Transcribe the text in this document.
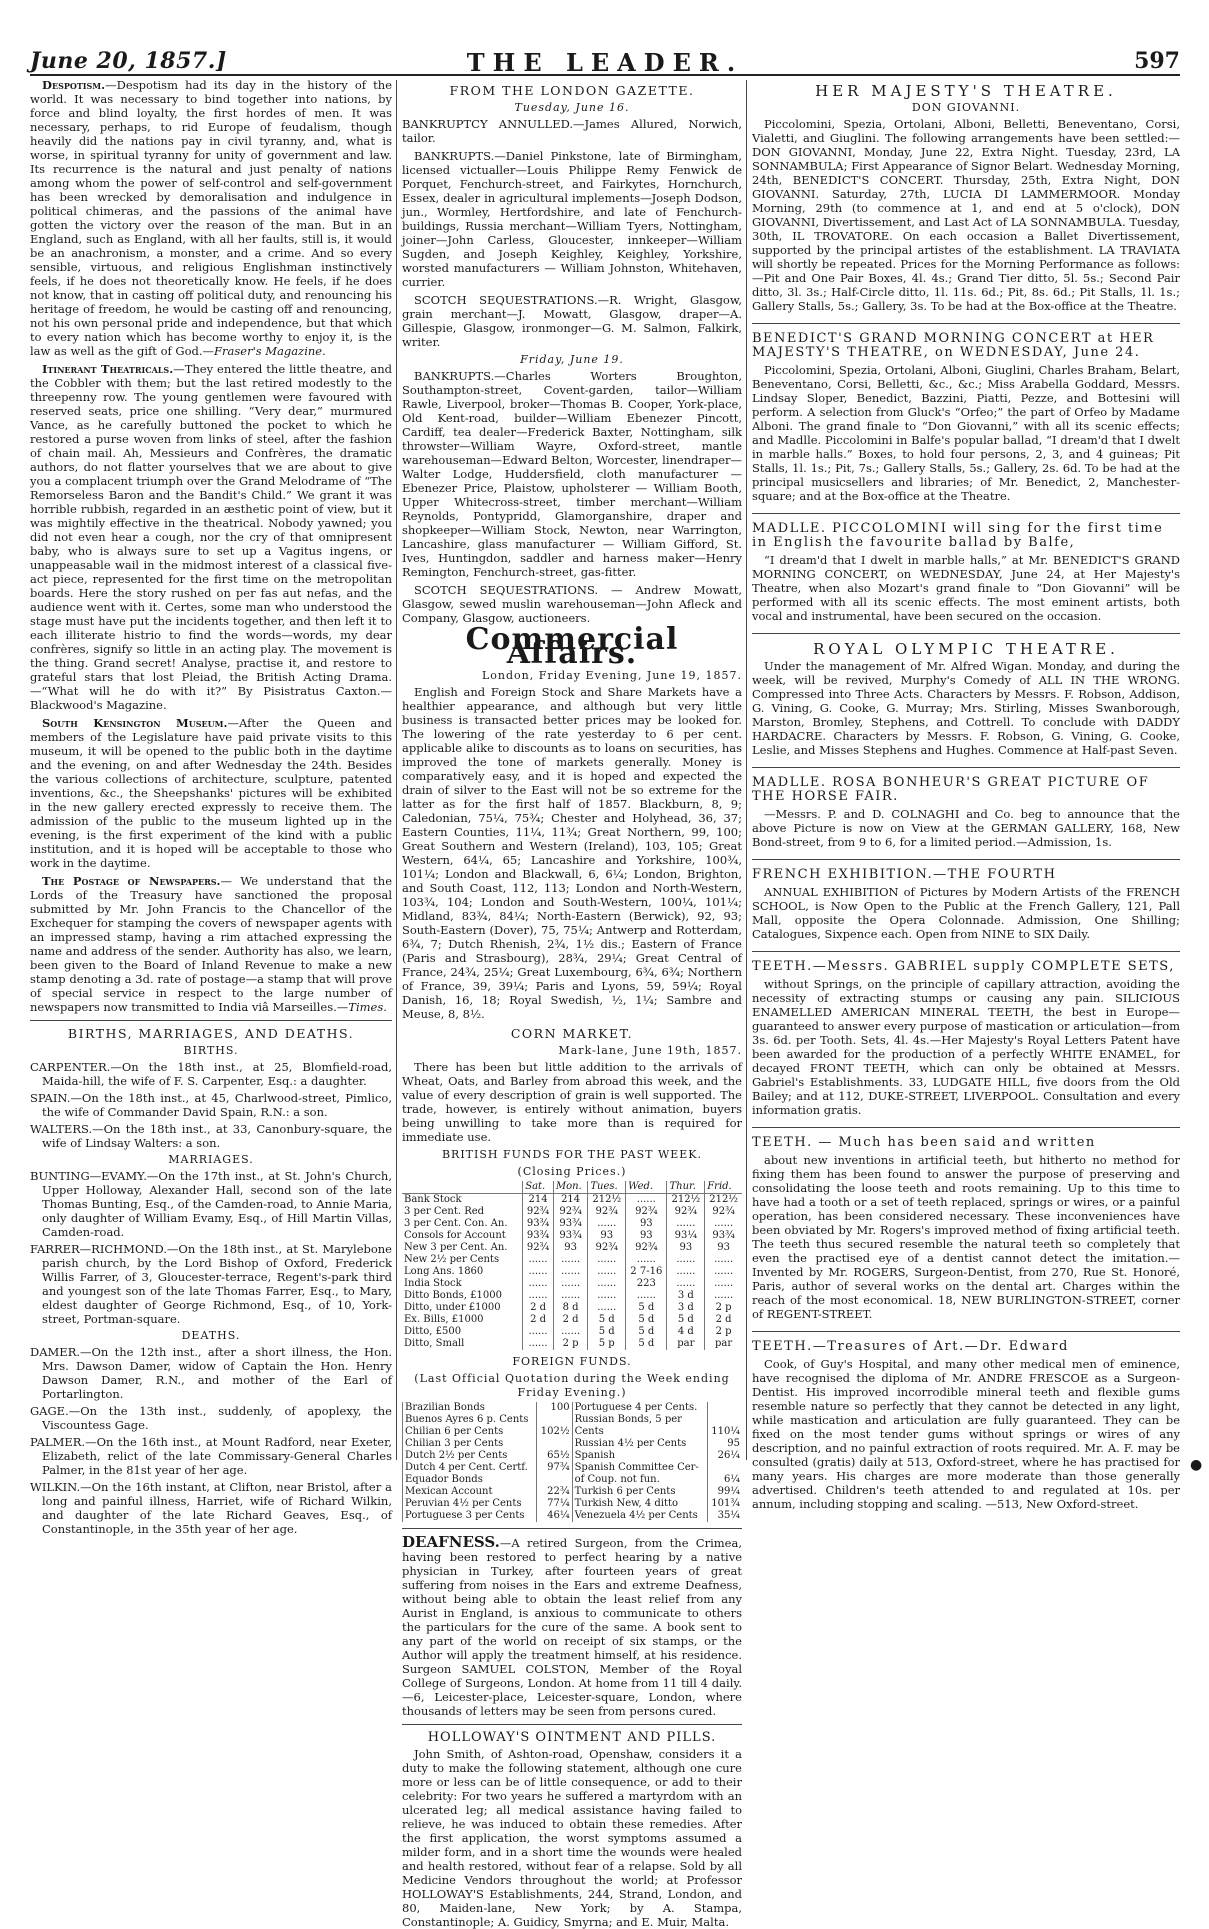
June 20, 1857.]	THE LEADER.	597

Despotism.—Despotism had its day in the history of the world. It was necessary to bind together into nations, by force and blind loyalty, the first hordes of men. It was necessary, perhaps, to rid Europe of feudalism, though heavily did the nations pay in civil tyranny, and, what is worse, in spiritual tyranny for unity of government and law. Its recurrence is the natural and just penalty of nations among whom the power of self-control and self-government has been wrecked by demoralisation and indulgence in political chimeras, and the passions of the animal have gotten the victory over the reason of the man. But in an England, such as England, with all her faults, still is, it would be an anachronism, a monster, and a crime. And so every sensible, virtuous, and religious Englishman instinctively feels, if he does not theoretically know. He feels, if he does not know, that in casting off political duty, and renouncing his heritage of freedom, he would be casting off and renouncing, not his own personal pride and independence, but that which to every nation which has become worthy to enjoy it, is the law as well as the gift of God.—Fraser's Magazine.

Itinerant Theatricals.—They entered the little theatre, and the Cobbler with them; but the last retired modestly to the threepenny row. The young gentlemen were favoured with reserved seats, price one shilling. “Very dear,” murmured Vance, as he carefully buttoned the pocket to which he restored a purse woven from links of steel, after the fashion of chain mail. Ah, Messieurs and Confrères, the dramatic authors, do not flatter yourselves that we are about to give you a complacent triumph over the Grand Melodrame of “The Remorseless Baron and the Bandit's Child.” We grant it was horrible rubbish, regarded in an æsthetic point of view, but it was mightily effective in the theatrical. Nobody yawned; you did not even hear a cough, nor the cry of that omnipresent baby, who is always sure to set up a Vagitus ingens, or unappeasable wail in the midmost interest of a classical five-act piece, represented for the first time on the metropolitan boards. Here the story rushed on per fas aut nefas, and the audience went with it. Certes, some man who understood the stage must have put the incidents together, and then left it to each illiterate histrio to find the words—words, my dear confrères, signify so little in an acting play. The movement is the thing. Grand secret! Analyse, practise it, and restore to grateful stars that lost Pleiad, the British Acting Drama.—“What will he do with it?” By Pisistratus Caxton.—Blackwood's Magazine.

South Kensington Museum.—After the Queen and members of the Legislature have paid private visits to this museum, it will be opened to the public both in the daytime and the evening, on and after Wednesday the 24th. Besides the various collections of architecture, sculpture, patented inventions, &c., the Sheepshanks' pictures will be exhibited in the new gallery erected expressly to receive them. The admission of the public to the museum lighted up in the evening, is the first experiment of the kind with a public institution, and it is hoped will be acceptable to those who work in the daytime.

The Postage of Newspapers.— We understand that the Lords of the Treasury have sanctioned the proposal submitted by Mr. John Francis to the Chancellor of the Exchequer for stamping the covers of newspaper agents with an impressed stamp, having a rim attached expressing the name and address of the sender. Authority has also, we learn, been given to the Board of Inland Revenue to make a new stamp denoting a 3d. rate of postage—a stamp that will prove of special service in respect to the large number of newspapers now transmitted to India viâ Marseilles.—Times.

BIRTHS, MARRIAGES, AND DEATHS.
BIRTHS.
CARPENTER.—On the 18th inst., at 25, Blomfield-road, Maida-hill, the wife of F. S. Carpenter, Esq.: a daughter.
SPAIN.—On the 18th inst., at 45, Charlwood-street, Pimlico, the wife of Commander David Spain, R.N.: a son.
WALTERS.—On the 18th inst., at 33, Canonbury-square, the wife of Lindsay Walters: a son.
MARRIAGES.
BUNTING—EVAMY.—On the 17th inst., at St. John's Church, Upper Holloway, Alexander Hall, second son of the late Thomas Bunting, Esq., of the Camden-road, to Annie Maria, only daughter of William Evamy, Esq., of Hill Martin Villas, Camden-road.
FARRER—RICHMOND.—On the 18th inst., at St. Marylebone parish church, by the Lord Bishop of Oxford, Frederick Willis Farrer, of 3, Gloucester-terrace, Regent's-park third and youngest son of the late Thomas Farrer, Esq., to Mary, eldest daughter of George Richmond, Esq., of 10, York-street, Portman-square.
DEATHS.
DAMER.—On the 12th inst., after a short illness, the Hon. Mrs. Dawson Damer, widow of Captain the Hon. Henry Dawson Damer, R.N., and mother of the Earl of Portarlington.
GAGE.—On the 13th inst., suddenly, of apoplexy, the Viscountess Gage.
PALMER.—On the 16th inst., at Mount Radford, near Exeter, Elizabeth, relict of the late Commissary-General Charles Palmer, in the 81st year of her age.
WILKIN.—On the 16th instant, at Clifton, near Bristol, after a long and painful illness, Harriet, wife of Richard Wilkin, and daughter of the late Richard Geaves, Esq., of Constantinople, in the 35th year of her age.
FROM THE LONDON GAZETTE.
Tuesday, June 16.

BANKRUPTCY ANNULLED.—James Allured, Norwich, tailor.

BANKRUPTS.—Daniel Pinkstone, late of Birmingham, licensed victualler—Louis Philippe Remy Fenwick de Porquet, Fenchurch-street, and Fairkytes, Hornchurch, Essex, dealer in agricultural implements—Joseph Dodson, jun., Wormley, Hertfordshire, and late of Fenchurch-buildings, Russia merchant—William Tyers, Nottingham, joiner—John Carless, Gloucester, innkeeper—William Sugden, and Joseph Keighley, Keighley, Yorkshire, worsted manufacturers — William Johnston, Whitehaven, currier.

SCOTCH SEQUESTRATIONS.—R. Wright, Glasgow, grain merchant—J. Mowatt, Glasgow, draper—A. Gillespie, Glasgow, ironmonger—G. M. Salmon, Falkirk, writer.

Friday, June 19.

BANKRUPTS.—Charles Worters Broughton, Southampton-street, Covent-garden, tailor—William Rawle, Liverpool, broker—Thomas B. Cooper, York-place, Old Kent-road, builder—William Ebenezer Pincott, Cardiff, tea dealer—Frederick Baxter, Nottingham, silk throwster—William Wayre, Oxford-street, mantle warehouseman—Edward Belton, Worcester, linendraper—Walter Lodge, Huddersfield, cloth manufacturer — Ebenezer Price, Plaistow, upholsterer — William Booth, Upper Whitecross-street, timber merchant—William Reynolds, Pontypridd, Glamorganshire, draper and shopkeeper—William Stock, Newton, near Warrington, Lancashire, glass manufacturer — William Gifford, St. Ives, Huntingdon, saddler and harness maker—Henry Remington, Fenchurch-street, gas-fitter.

SCOTCH SEQUESTRATIONS. — Andrew Mowatt, Glasgow, sewed muslin warehouseman—John Afleck and Company, Glasgow, auctioneers.

Commercial Affairs.
London, Friday Evening, June 19, 1857.

English and Foreign Stock and Share Markets have a healthier appearance, and although but very little business is transacted better prices may be looked for. The lowering of the rate yesterday to 6 per cent. applicable alike to discounts as to loans on securities, has improved the tone of markets generally. Money is comparatively easy, and it is hoped and expected the drain of silver to the East will not be so extreme for the latter as for the first half of 1857. Blackburn, 8, 9; Caledonian, 75¼, 75¾; Chester and Holyhead, 36, 37; Eastern Counties, 11¼, 11¾; Great Northern, 99, 100; Great Southern and Western (Ireland), 103, 105; Great Western, 64¼, 65; Lancashire and Yorkshire, 100¾, 101¼; London and Blackwall, 6, 6¼; London, Brighton, and South Coast, 112, 113; London and North-Western, 103¾, 104; London and South-Western, 100¼, 101¼; Midland, 83¾, 84¼; North-Eastern (Berwick), 92, 93; South-Eastern (Dover), 75, 75¼; Antwerp and Rotterdam, 6¾, 7; Dutch Rhenish, 2¾, 1½ dis.; Eastern of France (Paris and Strasbourg), 28¾, 29¼; Great Central of France, 24¾, 25¼; Great Luxembourg, 6¾, 6¾; Northern of France, 39, 39¼; Paris and Lyons, 59, 59¼; Royal Danish, 16, 18; Royal Swedish, ½, 1¼; Sambre and Meuse, 8, 8½.

CORN MARKET.
Mark-lane, June 19th, 1857.

There has been but little addition to the arrivals of Wheat, Oats, and Barley from abroad this week, and the value of every description of grain is well supported. The trade, however, is entirely without animation, buyers being unwilling to take more than is required for immediate use.

BRITISH FUNDS FOR THE PAST WEEK.
(Closing Prices.)
	Sat.	Mon.	Tues.	Wed.	Thur.	Frid.
Bank Stock	214	214	212½	......	212½	212½
3 per Cent. Red	92¾	92¾	92¾	92¾	92¾	92¾
3 per Cent. Con. An.	93¾	93¾	......	93	......	......
Consols for Account	93¾	93¾	93	93	93¼	93¾
New 3 per Cent. An.	92¾	93	92¾	92¾	93	93
New 2½ per Cents	......	......	......	......	......	......
Long Ans. 1860	......	......	......	2 7-16	......	......
India Stock	......	......	......	223	......	......
Ditto Bonds, £1000	......	......	......	......	3 d	......
Ditto, under £1000	2 d	8 d	......	5 d	3 d	2 p
Ex. Bills, £1000	2 d	2 d	5 d	5 d	5 d	2 d
Ditto, £500	......	......	5 d	5 d	4 d	2 p
Ditto, Small	......	2 p	5 p	5 d	par	par
FOREIGN FUNDS.
(Last Official Quotation during the Week ending Friday Evening.)
Brazilian Bonds	100	Portuguese 4 per Cents.	
Buenos Ayres 6 p. Cents		Russian Bonds, 5 per	
Chilian 6 per Cents	102½	Cents	110¼
Chilian 3 per Cents		Russian 4½ per Cents	95
Dutch 2½ per Cents	65½	Spanish	26¼
Dutch 4 per Cent. Certf.	97¾	Spanish Committee Cer-	
Equador Bonds		of Coup. not fun.	6¼
Mexican Account	22¾	Turkish 6 per Cents	99¼
Peruvian 4½ per Cents	77¼	Turkish New, 4 ditto	101¾
Portuguese 3 per Cents	46¼	Venezuela 4½ per Cents	35¼

DEAFNESS.—A retired Surgeon, from the Crimea, having been restored to perfect hearing by a native physician in Turkey, after fourteen years of great suffering from noises in the Ears and extreme Deafness, without being able to obtain the least relief from any Aurist in England, is anxious to communicate to others the particulars for the cure of the same. A book sent to any part of the world on receipt of six stamps, or the Author will apply the treatment himself, at his residence. Surgeon SAMUEL COLSTON, Member of the Royal College of Surgeons, London. At home from 11 till 4 daily.—6, Leicester-place, Leicester-square, London, where thousands of letters may be seen from persons cured.

HOLLOWAY'S OINTMENT AND PILLS.

John Smith, of Ashton-road, Openshaw, considers it a duty to make the following statement, although one cure more or less can be of little consequence, or add to their celebrity: For two years he suffered a martyrdom with an ulcerated leg; all medical assistance having failed to relieve, he was induced to obtain these remedies. After the first application, the worst symptoms assumed a milder form, and in a short time the wounds were healed and health restored, without fear of a relapse. Sold by all Medicine Vendors throughout the world; at Professor HOLLOWAY'S Establishments, 244, Strand, London, and 80, Maiden-lane, New York; by A. Stampa, Constantinople; A. Guidicy, Smyrna; and E. Muir, Malta.

HER MAJESTY'S THEATRE.
DON GIOVANNI.

Piccolomini, Spezia, Ortolani, Alboni, Belletti, Beneventano, Corsi, Vialetti, and Giuglini. The following arrangements have been settled:— DON GIOVANNI, Monday, June 22, Extra Night. Tuesday, 23rd, LA SONNAMBULA; First Appearance of Signor Belart. Wednesday Morning, 24th, BENEDICT'S CONCERT. Thursday, 25th, Extra Night, DON GIOVANNI. Saturday, 27th, LUCIA DI LAMMERMOOR. Monday Morning, 29th (to commence at 1, and end at 5 o'clock), DON GIOVANNI, Divertissement, and Last Act of LA SONNAMBULA. Tuesday, 30th, IL TROVATORE. On each occasion a Ballet Divertissement, supported by the principal artistes of the establishment. LA TRAVIATA will shortly be repeated. Prices for the Morning Performance as follows:—Pit and One Pair Boxes, 4l. 4s.; Grand Tier ditto, 5l. 5s.; Second Pair ditto, 3l. 3s.; Half-Circle ditto, 1l. 11s. 6d.; Pit, 8s. 6d.; Pit Stalls, 1l. 1s.; Gallery Stalls, 5s.; Gallery, 3s. To be had at the Box-office at the Theatre.

BENEDICT'S GRAND MORNING CONCERT at HER MAJESTY'S THEATRE, on WEDNESDAY, June 24.

Piccolomini, Spezia, Ortolani, Alboni, Giuglini, Charles Braham, Belart, Beneventano, Corsi, Belletti, &c., &c.; Miss Arabella Goddard, Messrs. Lindsay Sloper, Benedict, Bazzini, Piatti, Pezze, and Bottesini will perform. A selection from Gluck's “Orfeo;” the part of Orfeo by Madame Alboni. The grand finale to “Don Giovanni,” with all its scenic effects; and Madlle. Piccolomini in Balfe's popular ballad, “I dream'd that I dwelt in marble halls.” Boxes, to hold four persons, 2, 3, and 4 guineas; Pit Stalls, 1l. 1s.; Pit, 7s.; Gallery Stalls, 5s.; Gallery, 2s. 6d. To be had at the principal musicsellers and libraries; of Mr. Benedict, 2, Manchester-square; and at the Box-office at the Theatre.

MADLLE. PICCOLOMINI will sing for the first time in English the favourite ballad by Balfe,

“I dream'd that I dwelt in marble halls,” at Mr. BENEDICT'S GRAND MORNING CONCERT, on WEDNESDAY, June 24, at Her Majesty's Theatre, when also Mozart's grand finale to “Don Giovanni” will be performed with all its scenic effects. The most eminent artists, both vocal and instrumental, have been secured on the occasion.

ROYAL OLYMPIC THEATRE.

Under the management of Mr. Alfred Wigan. Monday, and during the week, will be revived, Murphy's Comedy of ALL IN THE WRONG. Compressed into Three Acts. Characters by Messrs. F. Robson, Addison, G. Vining, G. Cooke, G. Murray; Mrs. Stirling, Misses Swanborough, Marston, Bromley, Stephens, and Cottrell. To conclude with DADDY HARDACRE. Characters by Messrs. F. Robson, G. Vining, G. Cooke, Leslie, and Misses Stephens and Hughes. Commence at Half-past Seven.

MADLLE. ROSA BONHEUR'S GREAT PICTURE OF THE HORSE FAIR.

—Messrs. P. and D. COLNAGHI and Co. beg to announce that the above Picture is now on View at the GERMAN GALLERY, 168, New Bond-street, from 9 to 6, for a limited period.—Admission, 1s.

FRENCH EXHIBITION.—THE FOURTH

ANNUAL EXHIBITION of Pictures by Modern Artists of the FRENCH SCHOOL, is Now Open to the Public at the French Gallery, 121, Pall Mall, opposite the Opera Colonnade. Admission, One Shilling; Catalogues, Sixpence each. Open from NINE to SIX Daily.

TEETH.—Messrs. GABRIEL supply COMPLETE SETS,

without Springs, on the principle of capillary attraction, avoiding the necessity of extracting stumps or causing any pain. SILICIOUS ENAMELLED AMERICAN MINERAL TEETH, the best in Europe—guaranteed to answer every purpose of mastication or articulation—from 3s. 6d. per Tooth. Sets, 4l. 4s.—Her Majesty's Royal Letters Patent have been awarded for the production of a perfectly WHITE ENAMEL, for decayed FRONT TEETH, which can only be obtained at Messrs. Gabriel's Establishments. 33, LUDGATE HILL, five doors from the Old Bailey; and at 112, DUKE-STREET, LIVERPOOL. Consultation and every information gratis.

TEETH. — Much has been said and written

about new inventions in artificial teeth, but hitherto no method for fixing them has been found to answer the purpose of preserving and consolidating the loose teeth and roots remaining. Up to this time to have had a tooth or a set of teeth replaced, springs or wires, or a painful operation, has been considered necessary. These inconveniences have been obviated by Mr. Rogers's improved method of fixing artificial teeth. The teeth thus secured resemble the natural teeth so completely that even the practised eye of a dentist cannot detect the imitation.—Invented by Mr. ROGERS, Surgeon-Dentist, from 270, Rue St. Honoré, Paris, author of several works on the dental art. Charges within the reach of the most economical. 18, NEW BURLINGTON-STREET, corner of REGENT-STREET.

TEETH.—Treasures of Art.—Dr. Edward

Cook, of Guy's Hospital, and many other medical men of eminence, have recognised the diploma of Mr. ANDRE FRESCOE as a Surgeon-Dentist. His improved incorrodible mineral teeth and flexible gums resemble nature so perfectly that they cannot be detected in any light, while mastication and articulation are fully guaranteed. They can be fixed on the most tender gums without springs or wires of any description, and no painful extraction of roots required. Mr. A. F. may be consulted (gratis) daily at 513, Oxford-street, where he has practised for many years. His charges are more moderate than those generally advertised. Children's teeth attended to and regulated at 10s. per annum, including stopping and scaling. —513, New Oxford-street.

●
